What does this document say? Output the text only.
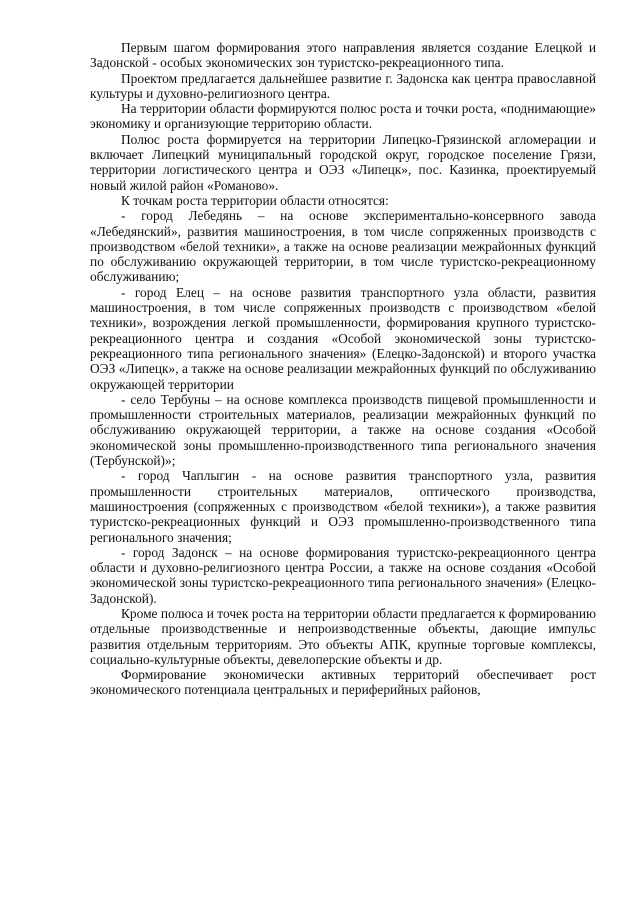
Первым шагом формирования этого направления является создание Елецкой и Задонской - особых экономических зон туристско-рекреационного типа.

Проектом предлагается дальнейшее развитие г. Задонска как центра православной культуры и духовно-религиозного центра.

На территории области формируются полюс роста и точки роста, «поднимающие» экономику и организующие территорию области.

Полюс роста формируется на территории Липецко-Грязинской агломерации и включает Липецкий муниципальный городской округ, городское поселение Грязи, территории логистического центра и ОЭЗ «Липецк», пос. Казинка, проектируемый новый жилой район «Романово».

К точкам роста территории области относятся:

- город Лебедянь – на основе экспериментально-консервного завода «Лебедянский», развития машиностроения, в том числе сопряженных производств с производством «белой техники», а также на основе реализации межрайонных функций по обслуживанию окружающей территории, в том числе туристско-рекреационному обслуживанию;

- город Елец – на основе развития транспортного узла области, развития машиностроения, в том числе сопряженных производств с производством «белой техники», возрождения легкой промышленности, формирования крупного туристско-рекреационного центра и создания «Особой экономической зоны туристско-рекреационного типа регионального значения» (Елецко-Задонской) и второго участка ОЭЗ «Липецк», а также на основе реализации межрайонных функций по обслуживанию окружающей территории

- село Тербуны – на основе комплекса производств пищевой промышленности и промышленности строительных материалов, реализации межрайонных функций по обслуживанию окружающей территории, а также на основе создания «Особой экономической зоны промышленно-производственного типа регионального значения (Тербунской)»;

- город Чаплыгин - на основе развития транспортного узла, развития промышленности строительных материалов, оптического производства, машиностроения (сопряженных с производством «белой техники»), а также развития туристско-рекреационных функций и ОЭЗ промышленно-производственного типа регионального значения;

- город Задонск – на основе формирования туристско-рекреационного центра области и духовно-религиозного центра России, а также на основе создания «Особой экономической зоны туристско-рекреационного типа регионального значения» (Елецко-Задонской).

Кроме полюса и точек роста на территории области предлагается к формированию отдельные производственные и непроизводственные объекты, дающие импульс развития отдельным территориям. Это объекты АПК, крупные торговые комплексы, социально-культурные объекты, девелоперские объекты и др.

Формирование экономически активных территорий обеспечивает рост экономического потенциала центральных и периферийных районов,
